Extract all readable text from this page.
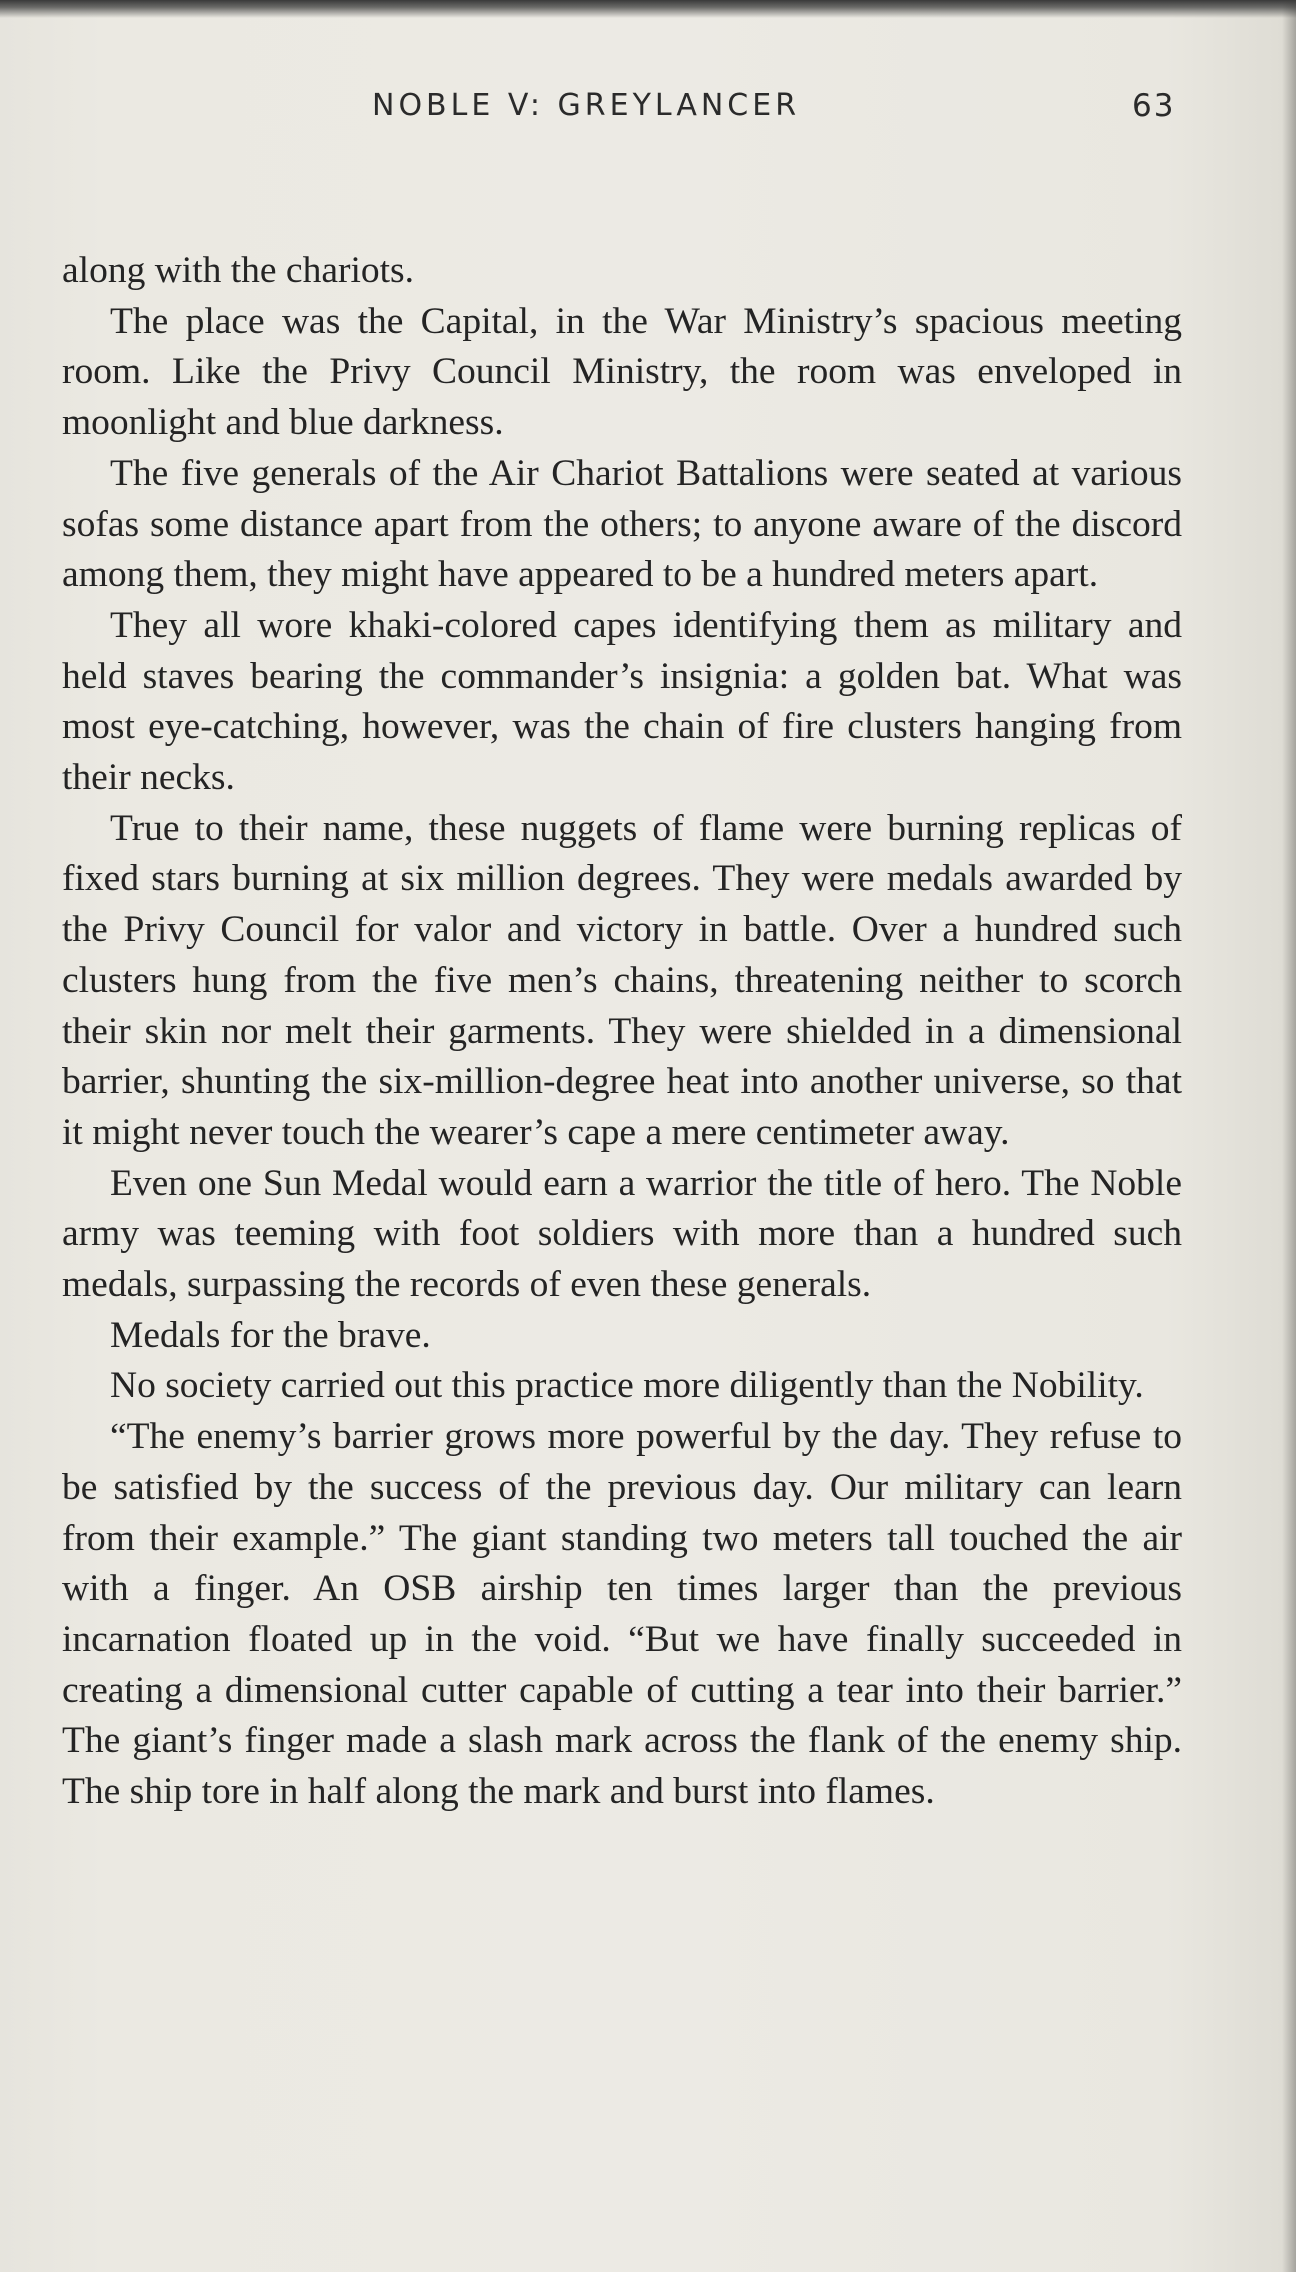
NOBLE V: GREYLANCER	63

along with the chariots.

The place was the Capital, in the War Ministry’s spacious meeting room. Like the Privy Council Ministry, the room was enveloped in moonlight and blue darkness.

The five generals of the Air Chariot Battalions were seated at various sofas some distance apart from the others; to anyone aware of the discord among them, they might have appeared to be a hundred meters apart.

They all wore khaki-colored capes identifying them as military and held staves bearing the commander’s insignia: a golden bat. What was most eye-catching, however, was the chain of fire clusters hanging from their necks.

True to their name, these nuggets of flame were burning replicas of fixed stars burning at six million degrees. They were medals awarded by the Privy Council for valor and victory in battle. Over a hundred such clusters hung from the five men’s chains, threatening neither to scorch their skin nor melt their garments. They were shielded in a dimensional barrier, shunting the six-million-degree heat into another universe, so that it might never touch the wearer’s cape a mere centimeter away.

Even one Sun Medal would earn a warrior the title of hero. The Noble army was teeming with foot soldiers with more than a hundred such medals, surpassing the records of even these generals.

Medals for the brave.

No society carried out this practice more diligently than the Nobility.

“The enemy’s barrier grows more powerful by the day. They refuse to be satisfied by the success of the previous day. Our military can learn from their example.” The giant standing two meters tall touched the air with a finger. An OSB airship ten times larger than the previous incarnation floated up in the void. “But we have finally succeeded in creating a dimensional cutter capable of cutting a tear into their barrier.” The giant’s finger made a slash mark across the flank of the enemy ship. The ship tore in half along the mark and burst into flames.
